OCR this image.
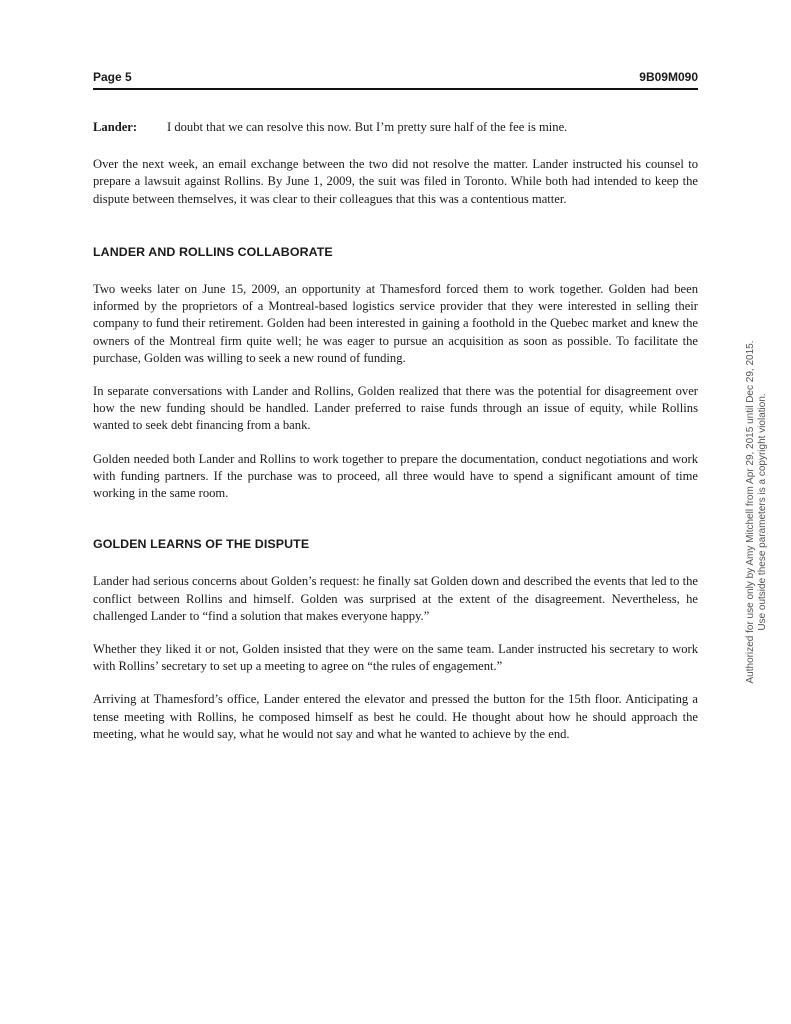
Page 5	9B09M090
Lander: I doubt that we can resolve this now. But I’m pretty sure half of the fee is mine.

Over the next week, an email exchange between the two did not resolve the matter. Lander instructed his counsel to prepare a lawsuit against Rollins. By June 1, 2009, the suit was filed in Toronto. While both had intended to keep the dispute between themselves, it was clear to their colleagues that this was a contentious matter.

LANDER AND ROLLINS COLLABORATE

Two weeks later on June 15, 2009, an opportunity at Thamesford forced them to work together. Golden had been informed by the proprietors of a Montreal-based logistics service provider that they were interested in selling their company to fund their retirement. Golden had been interested in gaining a foothold in the Quebec market and knew the owners of the Montreal firm quite well; he was eager to pursue an acquisition as soon as possible. To facilitate the purchase, Golden was willing to seek a new round of funding.

In separate conversations with Lander and Rollins, Golden realized that there was the potential for disagreement over how the new funding should be handled. Lander preferred to raise funds through an issue of equity, while Rollins wanted to seek debt financing from a bank.

Golden needed both Lander and Rollins to work together to prepare the documentation, conduct negotiations and work with funding partners. If the purchase was to proceed, all three would have to spend a significant amount of time working in the same room.

GOLDEN LEARNS OF THE DISPUTE

Lander had serious concerns about Golden’s request: he finally sat Golden down and described the events that led to the conflict between Rollins and himself. Golden was surprised at the extent of the disagreement. Nevertheless, he challenged Lander to “find a solution that makes everyone happy.”

Whether they liked it or not, Golden insisted that they were on the same team. Lander instructed his secretary to work with Rollins’ secretary to set up a meeting to agree on “the rules of engagement.”

Arriving at Thamesford’s office, Lander entered the elevator and pressed the button for the 15th floor. Anticipating a tense meeting with Rollins, he composed himself as best he could. He thought about how he should approach the meeting, what he would say, what he would not say and what he wanted to achieve by the end.

Authorized for use only by Amy Mitchell from Apr 29, 2015 until Dec 29, 2015. Use outside these parameters is a copyright violation.
